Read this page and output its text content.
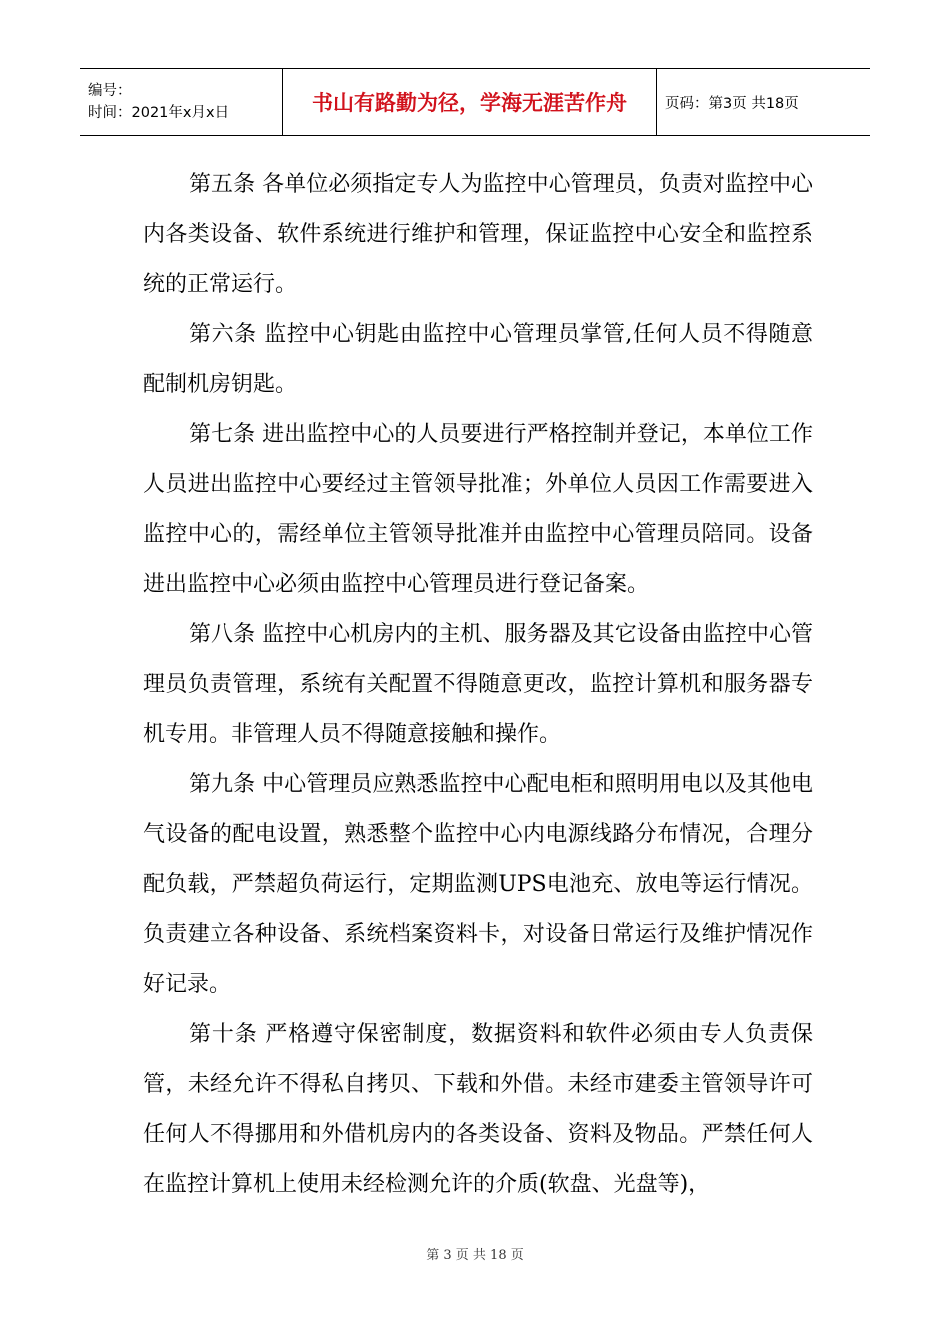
编号：
时间：2021年x月x日	书山有路勤为径，学海无涯苦作舟	页码：第3页 共18页

第五条 各单位必须指定专人为监控中心管理员，负责对监控中心内各类设备、软件系统进行维护和管理，保证监控中心安全和监控系统的正常运行。

第六条 监控中心钥匙由监控中心管理员掌管,任何人员不得随意配制机房钥匙。

第七条 进出监控中心的人员要进行严格控制并登记，本单位工作人员进出监控中心要经过主管领导批准；外单位人员因工作需要进入监控中心的，需经单位主管领导批准并由监控中心管理员陪同。设备进出监控中心必须由监控中心管理员进行登记备案。

第八条 监控中心机房内的主机、服务器及其它设备由监控中心管理员负责管理，系统有关配置不得随意更改，监控计算机和服务器专机专用。非管理人员不得随意接触和操作。

第九条 中心管理员应熟悉监控中心配电柜和照明用电以及其他电气设备的配电设置，熟悉整个监控中心内电源线路分布情况，合理分配负载，严禁超负荷运行，定期监测UPS电池充、放电等运行情况。负责建立各种设备、系统档案资料卡，对设备日常运行及维护情况作好记录。

第十条 严格遵守保密制度，数据资料和软件必须由专人负责保管，未经允许不得私自拷贝、下载和外借。未经市建委主管领导许可任何人不得挪用和外借机房内的各类设备、资料及物品。严禁任何人在监控计算机上使用未经检测允许的介质(软盘、光盘等)，

第 3 页 共 18 页
